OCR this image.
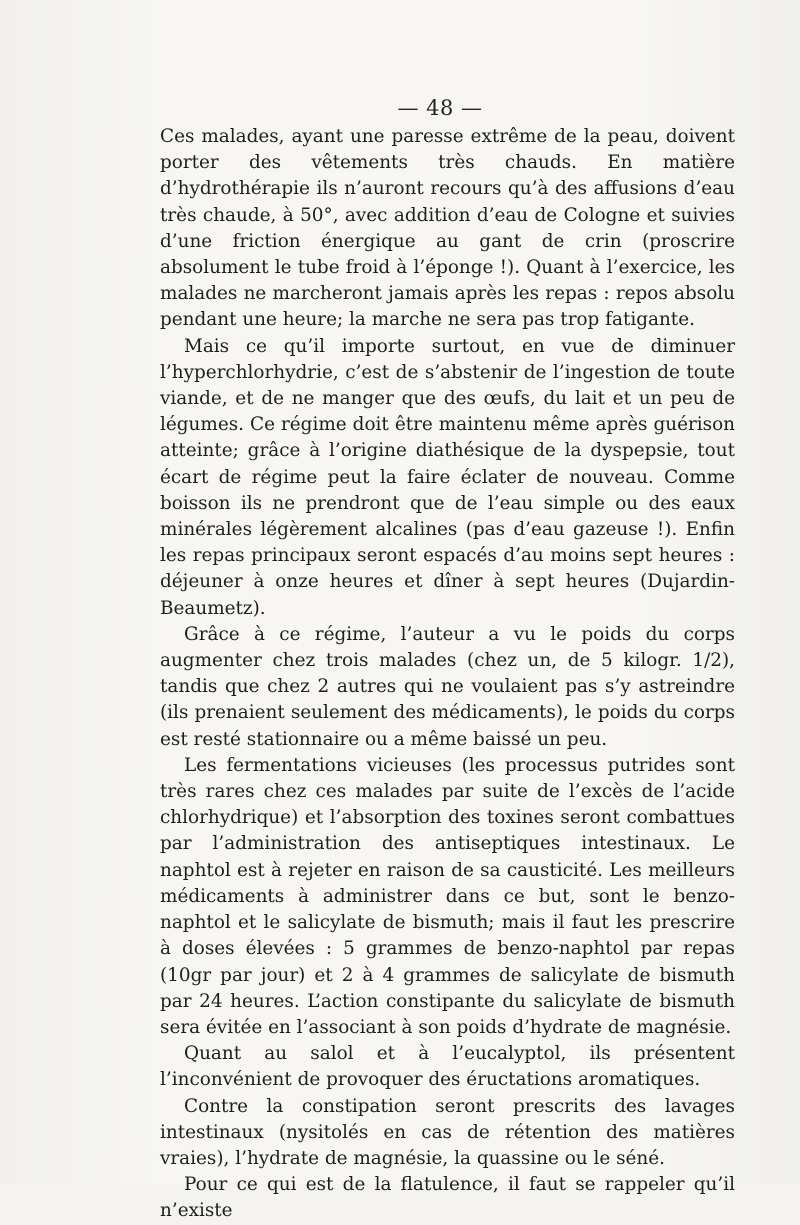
— 48 —

Ces malades, ayant une paresse extrême de la peau, doivent porter des vêtements très chauds. En matière d’hydrothérapie ils n’auront recours qu’à des affusions d’eau très chaude, à 50°, avec addition d’eau de Cologne et suivies d’une friction énergique au gant de crin (proscrire absolument le tube froid à l’éponge !). Quant à l’exercice, les malades ne marcheront jamais après les repas : repos absolu pendant une heure; la marche ne sera pas trop fatigante.

Mais ce qu’il importe surtout, en vue de diminuer l’hyperchlorhydrie, c’est de s’abstenir de l’ingestion de toute viande, et de ne manger que des œufs, du lait et un peu de légumes. Ce régime doit être maintenu même après guérison atteinte; grâce à l’origine diathésique de la dyspepsie, tout écart de régime peut la faire éclater de nouveau. Comme boisson ils ne prendront que de l’eau simple ou des eaux minérales légèrement alcalines (pas d’eau gazeuse !). Enfin les repas principaux seront espacés d’au moins sept heures : déjeuner à onze heures et dîner à sept heures (Dujardin-Beaumetz).

Grâce à ce régime, l’auteur a vu le poids du corps augmenter chez trois malades (chez un, de 5 kilogr. 1/2), tandis que chez 2 autres qui ne voulaient pas s’y astreindre (ils prenaient seulement des médicaments), le poids du corps est resté stationnaire ou a même baissé un peu.

Les fermentations vicieuses (les processus putrides sont très rares chez ces malades par suite de l’excès de l’acide chlorhydrique) et l’absorption des toxines seront combattues par l’administration des antiseptiques intestinaux. Le naphtol est à rejeter en raison de sa causticité. Les meilleurs médicaments à administrer dans ce but, sont le benzo-naphtol et le salicylate de bismuth; mais il faut les prescrire à doses élevées : 5 grammes de benzo-naphtol par repas (10gr par jour) et 2 à 4 grammes de salicylate de bismuth par 24 heures. L’action constipante du salicylate de bismuth sera évitée en l’associant à son poids d’hydrate de magnésie.

Quant au salol et à l’eucalyptol, ils présentent l’inconvénient de provoquer des éructations aromatiques.

Contre la constipation seront prescrits des lavages intestinaux (nysitolés en cas de rétention des matières vraies), l’hydrate de magnésie, la quassine ou le séné.

Pour ce qui est de la flatulence, il faut se rappeler qu’il n’existe
